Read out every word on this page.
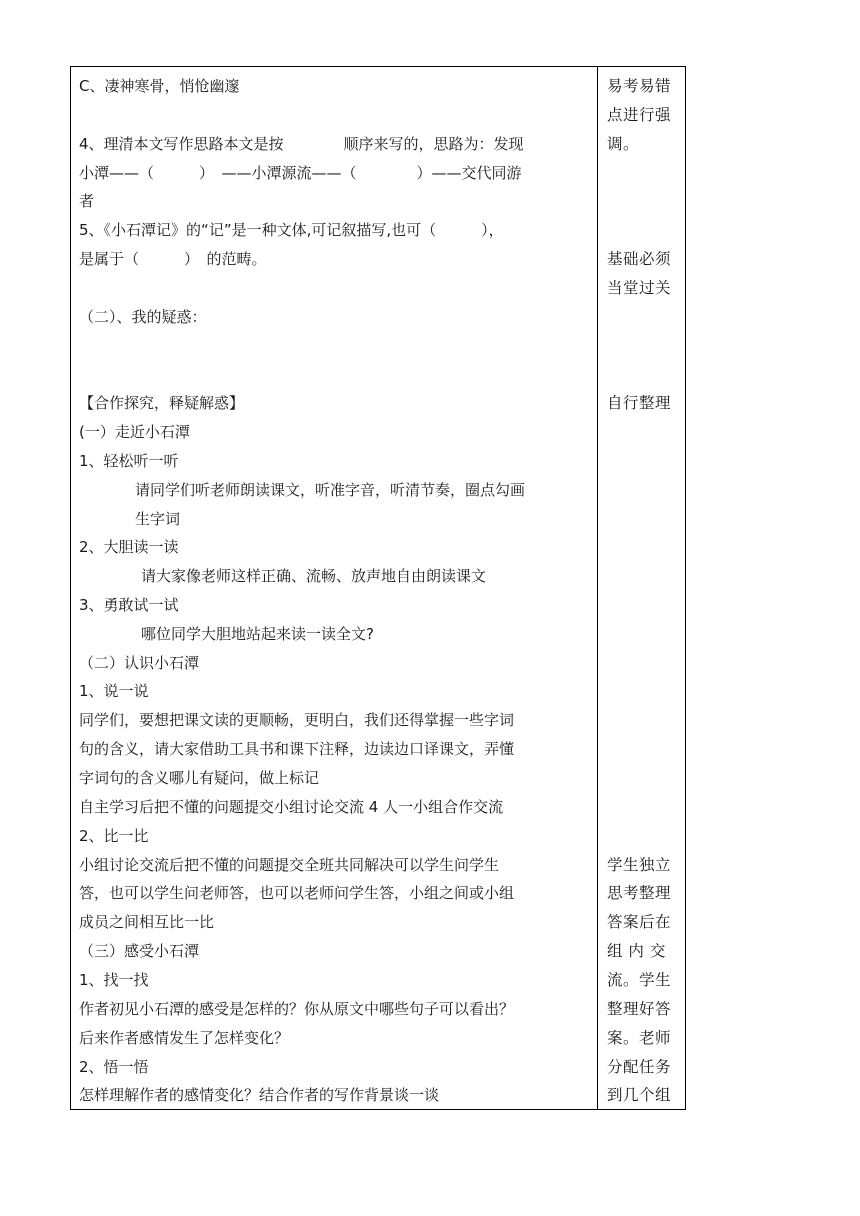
C、凄神寒骨，悄怆幽邃
4、理清本文写作思路本文是按　　　　顺序来写的，思路为：发现
小潭——（　　　）　——小潭源流——（　　　　）——交代同游
者
5、《小石潭记》的“记”是一种文体,可记叙描写,也可（　　　），
是属于（　　　）　的范畴。
（二）、我的疑惑：
【合作探究，释疑解惑】
(一）走近小石潭
1、轻松听一听
请同学们听老师朗读课文，听准字音，听清节奏，圈点勾画
生字词
2、大胆读一读
请大家像老师这样正确、流畅、放声地自由朗读课文
3、勇敢试一试
哪位同学大胆地站起来读一读全文?
（二）认识小石潭
1、说一说
同学们，要想把课文读的更顺畅，更明白，我们还得掌握一些字词
句的含义，请大家借助工具书和课下注释，边读边口译课文，弄懂
字词句的含义哪儿有疑问，做上标记
自主学习后把不懂的问题提交小组讨论交流 4 人一小组合作交流
2、比一比
小组讨论交流后把不懂的问题提交全班共同解决可以学生问学生
答，也可以学生问老师答，也可以老师问学生答，小组之间或小组
成员之间相互比一比
（三）感受小石潭
1、找一找
作者初见小石潭的感受是怎样的？你从原文中哪些句子可以看出？
后来作者感情发生了怎样变化？
2、悟一悟
怎样理解作者的感情变化？结合作者的写作背景谈一谈
易考易错
点进行强
调。
基础必须
当堂过关
自行整理
学生独立
思考整理
答案后在
组 内 交
流。学生
整理好答
案。老师
分配任务
到几个组
